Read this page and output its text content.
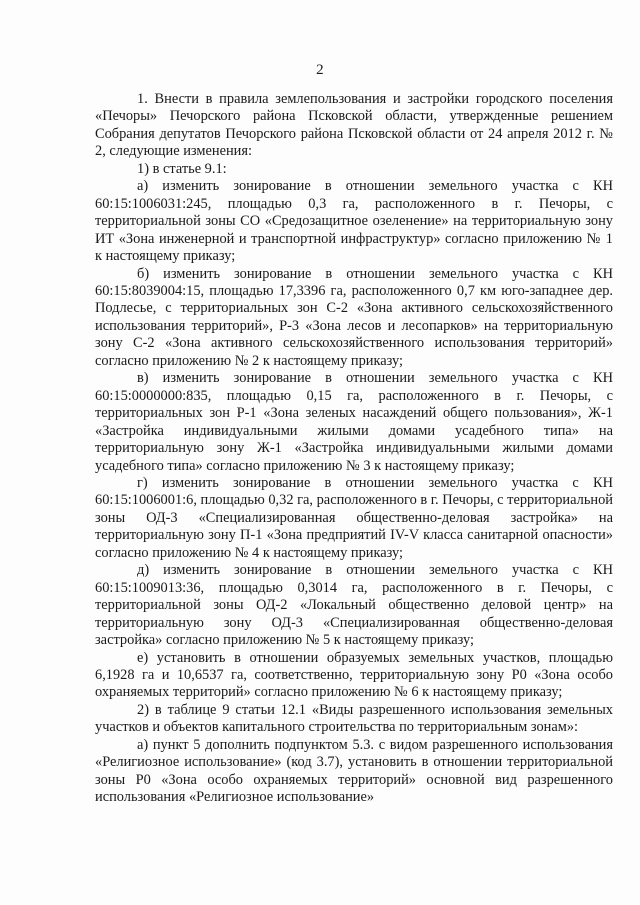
2

1. Внести в правила землепользования и застройки городского поселения «Печоры» Печорского района Псковской области, утвержденные решением Собрания депутатов Печорского района Псковской области от 24 апреля 2012 г. № 2, следующие изменения:

1) в статье 9.1:

а) изменить зонирование в отношении земельного участка с КН 60:15:1006031:245, площадью 0,3 га, расположенного в г. Печоры, с территориальной зоны СО «Средозащитное озеленение» на территориальную зону ИТ «Зона инженерной и транспортной инфраструктур» согласно приложению № 1 к настоящему приказу;

б) изменить зонирование в отношении земельного участка с КН 60:15:8039004:15, площадью 17,3396 га, расположенного 0,7 км юго-западнее дер. Подлесье, с территориальных зон С-2 «Зона активного сельскохозяйственного использования территорий», Р-3 «Зона лесов и лесопарков» на территориальную зону С-2 «Зона активного сельскохозяйственного использования территорий» согласно приложению № 2 к настоящему приказу;

в) изменить зонирование в отношении земельного участка с КН 60:15:0000000:835, площадью 0,15 га, расположенного в г. Печоры, с территориальных зон Р-1 «Зона зеленых насаждений общего пользования», Ж-1 «Застройка индивидуальными жилыми домами усадебного типа» на территориальную зону Ж-1 «Застройка индивидуальными жилыми домами усадебного типа» согласно приложению № 3 к настоящему приказу;

г) изменить зонирование в отношении земельного участка с КН 60:15:1006001:6, площадью 0,32 га, расположенного в г. Печоры, с территориальной зоны ОД-3 «Специализированная общественно-деловая застройка» на территориальную зону П-1 «Зона предприятий IV-V класса санитарной опасности» согласно приложению № 4 к настоящему приказу;

д) изменить зонирование в отношении земельного участка с КН 60:15:1009013:36, площадью 0,3014 га, расположенного в г. Печоры, с территориальной зоны ОД-2 «Локальный общественно деловой центр» на территориальную зону ОД-3 «Специализированная общественно-деловая застройка» согласно приложению № 5 к настоящему приказу;

е) установить в отношении образуемых земельных участков, площадью 6,1928 га и 10,6537 га, соответственно, территориальную зону Р0 «Зона особо охраняемых территорий» согласно приложению № 6 к настоящему приказу;

2) в таблице 9 статьи 12.1 «Виды разрешенного использования земельных участков и объектов капитального строительства по территориальным зонам»:

а) пункт 5 дополнить подпунктом 5.3. с видом разрешенного использования «Религиозное использование» (код 3.7), установить в отношении территориальной зоны Р0 «Зона особо охраняемых территорий» основной вид разрешенного использования «Религиозное использование»
